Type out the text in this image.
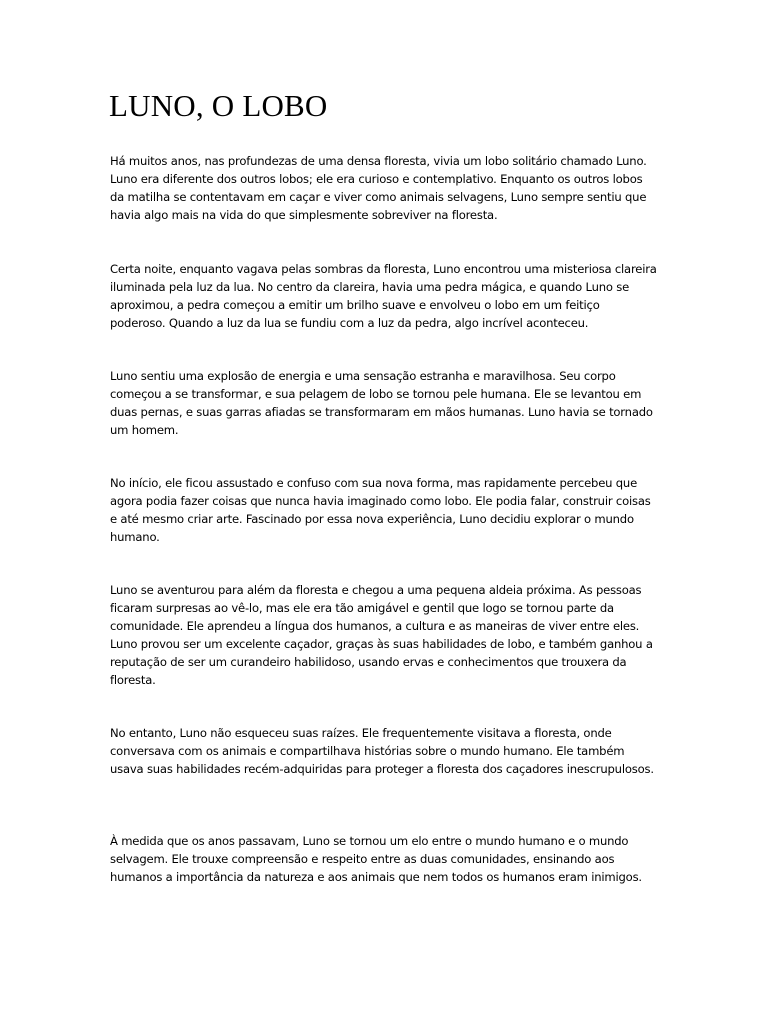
LUNO, O LOBO

Há muitos anos, nas profundezas de uma densa floresta, vivia um lobo solitário chamado Luno. Luno era diferente dos outros lobos; ele era curioso e contemplativo. Enquanto os outros lobos da matilha se contentavam em caçar e viver como animais selvagens, Luno sempre sentiu que havia algo mais na vida do que simplesmente sobreviver na floresta.

Certa noite, enquanto vagava pelas sombras da floresta, Luno encontrou uma misteriosa clareira iluminada pela luz da lua. No centro da clareira, havia uma pedra mágica, e quando Luno se aproximou, a pedra começou a emitir um brilho suave e envolveu o lobo em um feitiço poderoso. Quando a luz da lua se fundiu com a luz da pedra, algo incrível aconteceu.

Luno sentiu uma explosão de energia e uma sensação estranha e maravilhosa. Seu corpo começou a se transformar, e sua pelagem de lobo se tornou pele humana. Ele se levantou em duas pernas, e suas garras afiadas se transformaram em mãos humanas. Luno havia se tornado um homem.

No início, ele ficou assustado e confuso com sua nova forma, mas rapidamente percebeu que agora podia fazer coisas que nunca havia imaginado como lobo. Ele podia falar, construir coisas e até mesmo criar arte. Fascinado por essa nova experiência, Luno decidiu explorar o mundo humano.

Luno se aventurou para além da floresta e chegou a uma pequena aldeia próxima. As pessoas ficaram surpresas ao vê-lo, mas ele era tão amigável e gentil que logo se tornou parte da comunidade. Ele aprendeu a língua dos humanos, a cultura e as maneiras de viver entre eles. Luno provou ser um excelente caçador, graças às suas habilidades de lobo, e também ganhou a reputação de ser um curandeiro habilidoso, usando ervas e conhecimentos que trouxera da floresta.

No entanto, Luno não esqueceu suas raízes. Ele frequentemente visitava a floresta, onde conversava com os animais e compartilhava histórias sobre o mundo humano. Ele também usava suas habilidades recém-adquiridas para proteger a floresta dos caçadores inescrupulosos.

À medida que os anos passavam, Luno se tornou um elo entre o mundo humano e o mundo selvagem. Ele trouxe compreensão e respeito entre as duas comunidades, ensinando aos humanos a importância da natureza e aos animais que nem todos os humanos eram inimigos.
